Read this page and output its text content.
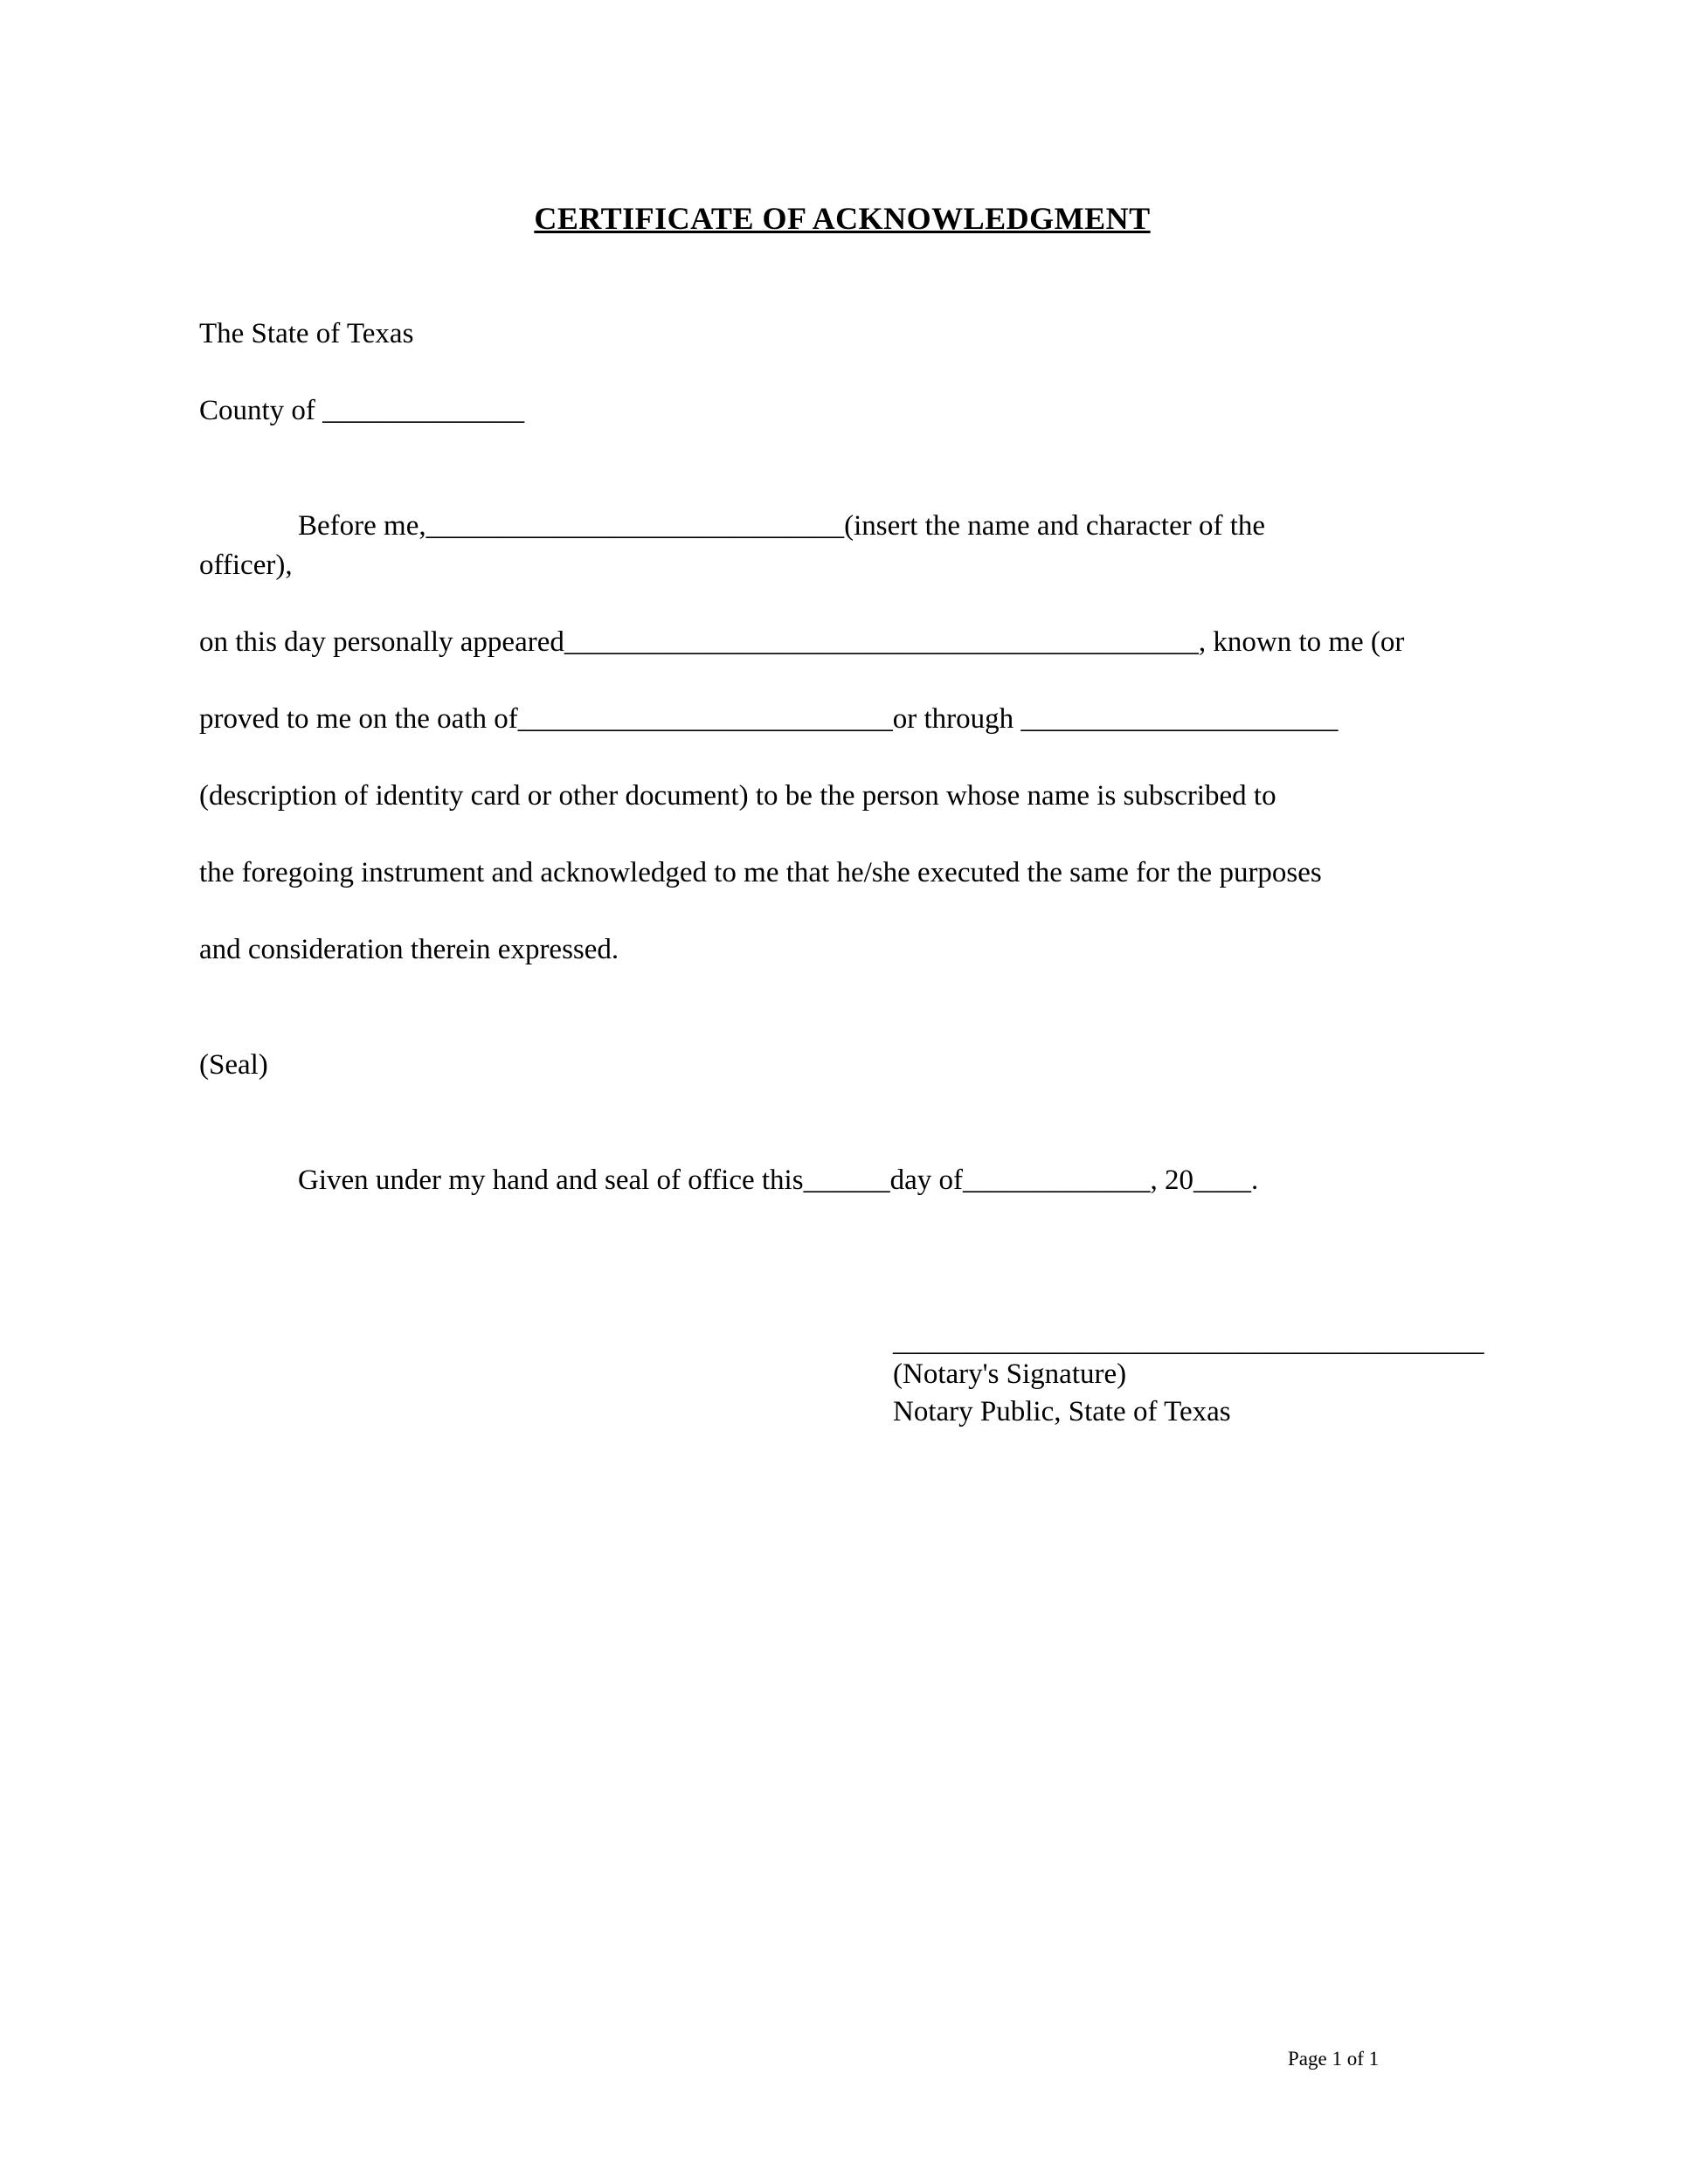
CERTIFICATE OF ACKNOWLEDGMENT
The State of Texas
County of ______________
Before me,_____________________________(insert the name and character of the
officer),
on this day personally appeared____________________________________________, known to me (or
proved to me on the oath of__________________________or through ______________________
(description of identity card or other document) to be the person whose name is subscribed to
the foregoing instrument and acknowledged to me that he/she executed the same for the purposes
and consideration therein expressed.
(Seal)
Given under my hand and seal of office this______day of_____________, 20____.
_________________________________________
(Notary's Signature)
Notary Public, State of Texas
Page 1 of 1
